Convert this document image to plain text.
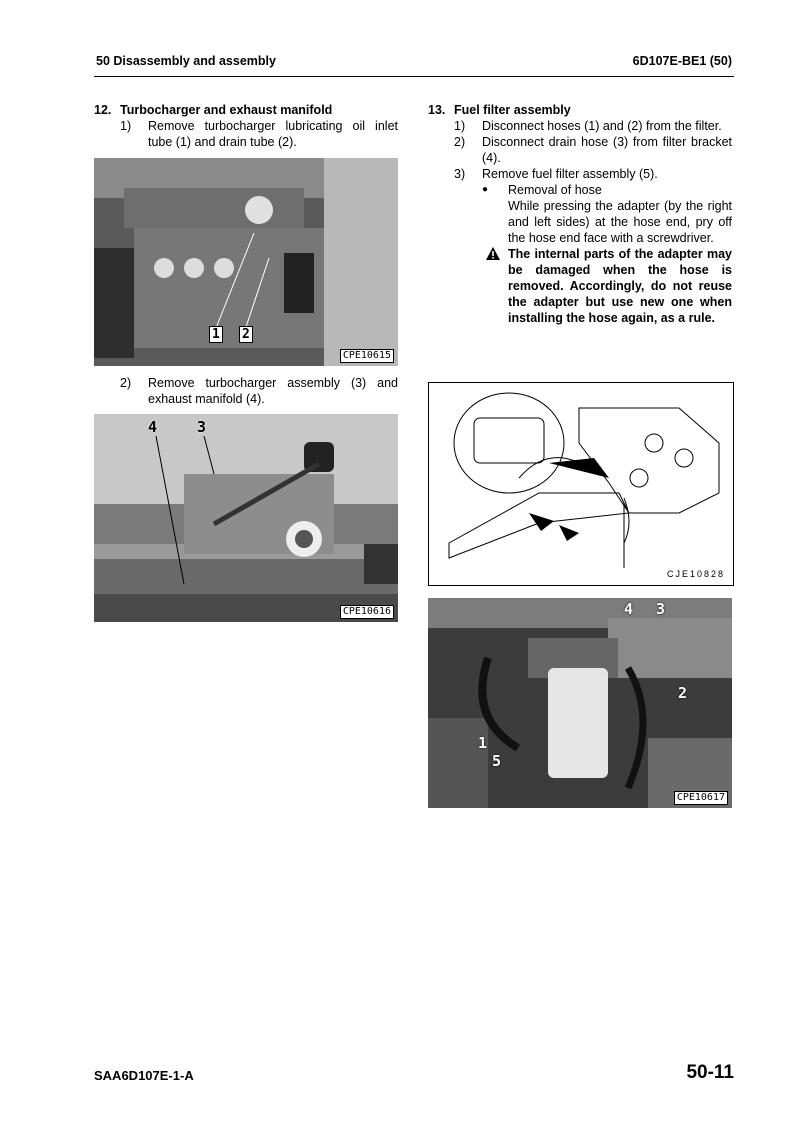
50 Disassembly and assembly	6D107E-BE1 (50)
12. Turbocharger and exhaust manifold
1) Remove turbocharger lubricating oil inlet tube (1) and drain tube (2).
1 2
CPE10615
2) Remove turbocharger assembly (3) and exhaust manifold (4).
4	3
CPE10616
13. Fuel filter assembly
1) Disconnect hoses (1) and (2) from the filter.
2) Disconnect drain hose (3) from filter bracket (4).
3) Remove fuel filter assembly (5).
● Removal of hose
While pressing the adapter (by the right and left sides) at the hose end, pry off the hose end face with a screwdriver.
The internal parts of the adapter may be damaged when the hose is removed. Accordingly, do not reuse the adapter but use new one when installing the hose again, as a rule.
CJE10828
4 3
2
1
5
CPE10617
SAA6D107E-1-A	50-11
